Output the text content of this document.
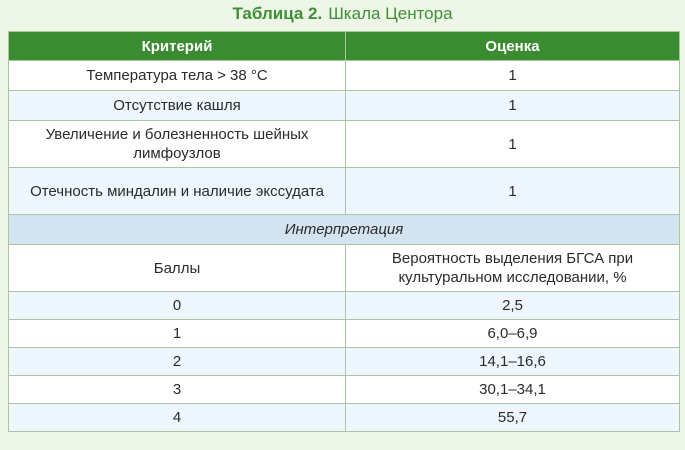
Таблица 2. Шкала Центора
Критерий	Оценка
Температура тела > 38 °С	1
Отсутствие кашля	1
Увеличение и болезненность шейных лимфоузлов	1
Отечность миндалин и наличие экссудата	1
Интерпретация	
Баллы	Вероятность выделения БГСА при культуральном исследовании, %
0	2,5
1	6,0–6,9
2	14,1–16,6
3	30,1–34,1
4	55,7
